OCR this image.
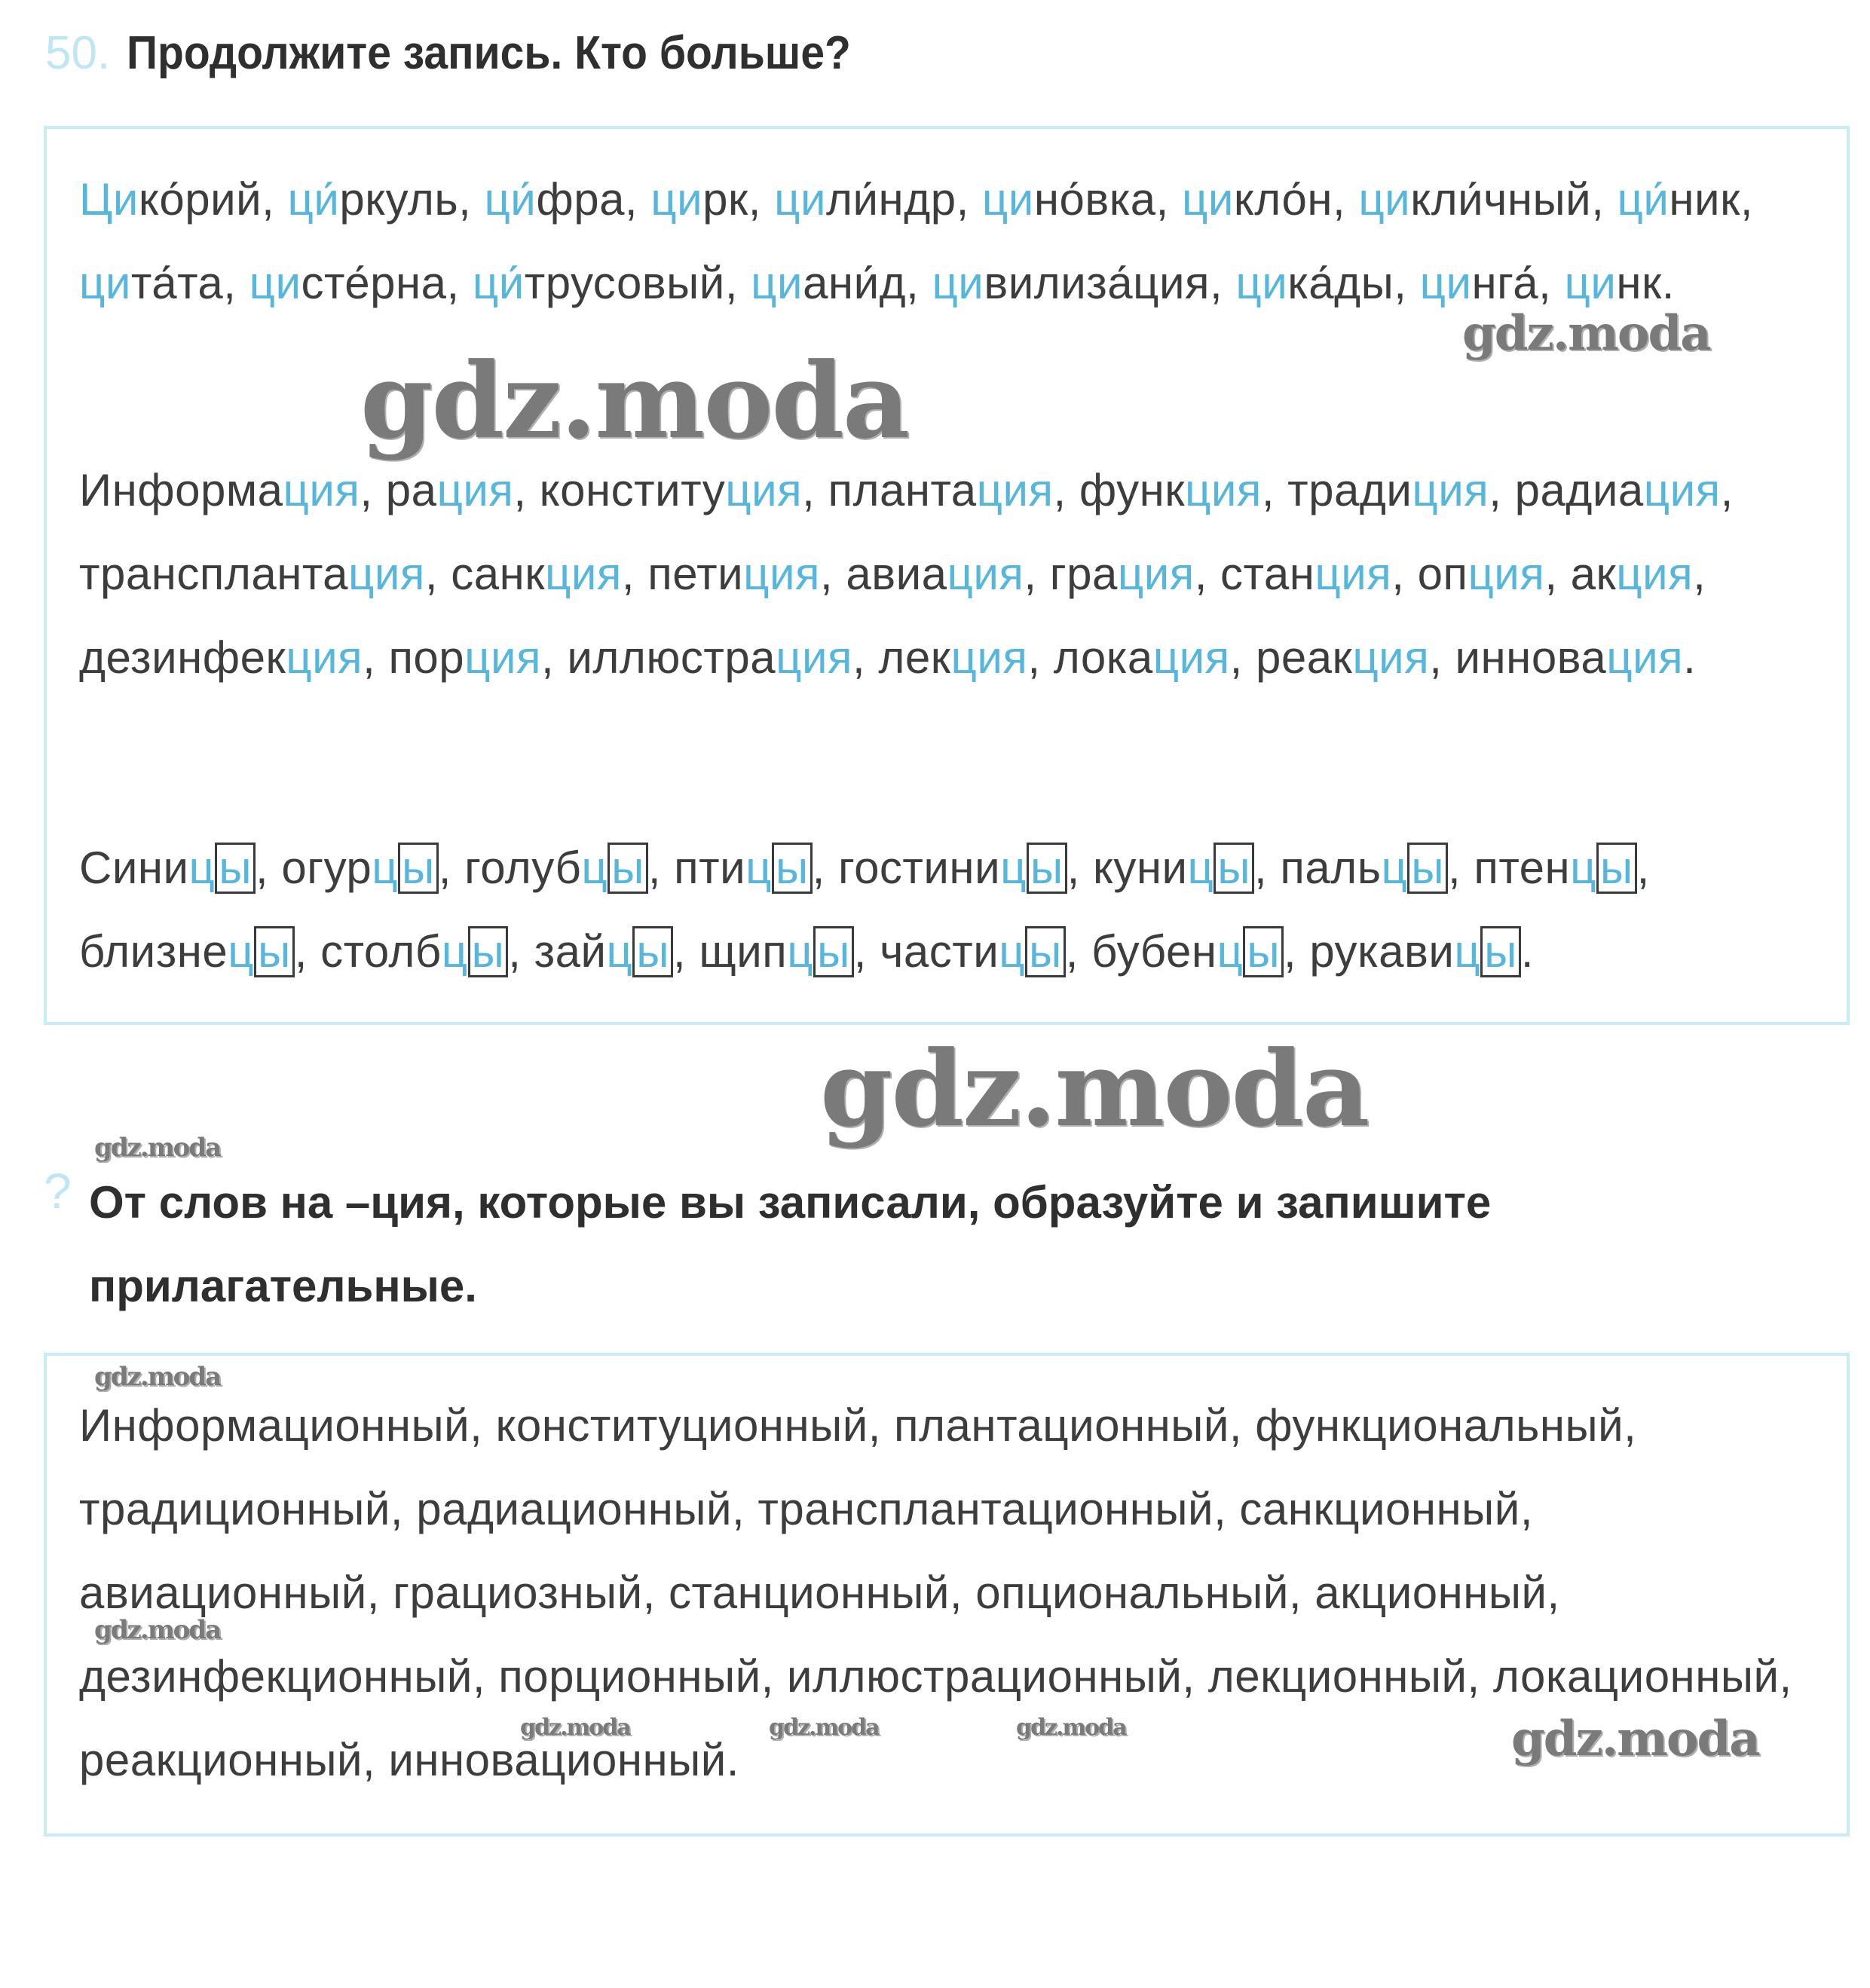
50. Продолжите запись. Кто больше?
Цико́рий, ци́ркуль, ци́фра, цирк, цили́ндр, цино́вка, цикло́н, цикли́чный, ци́ник, цита́та, цисте́рна, ци́трусовый, циани́д, цивилиза́ция, цика́ды, цинга́, цинк.
Информация, рация, конституция, плантация, функция, традиция, радиация, трансплантация, санкция, петиция, авиация, грация, станция, опция, акция, дезинфекция, порция, иллюстрация, лекция, локация, реакция, инновация.
Синицы, огурцы, голубцы, птицы, гостиницы, куницы, пальцы, птенцы, близнецы, столбцы, зайцы, щипцы, частицы, бубенцы, рукавицы.
? От слов на –ция, которые вы записали, образуйте и запишите прилагательные.
Информационный, конституционный, плантационный, функциональный, традиционный, радиационный, трансплантационный, санкционный, авиационный, грациозный, станционный, опциональный, акционный, дезинфекционный, порционный, иллюстрационный, лекционный, локационный, реакционный, инновационный.
gdz.moda
gdz.moda
gdz.moda
gdz.moda
gdz.moda
gdz.moda
gdz.moda	gdz.moda	gdz.moda	gdz.moda
